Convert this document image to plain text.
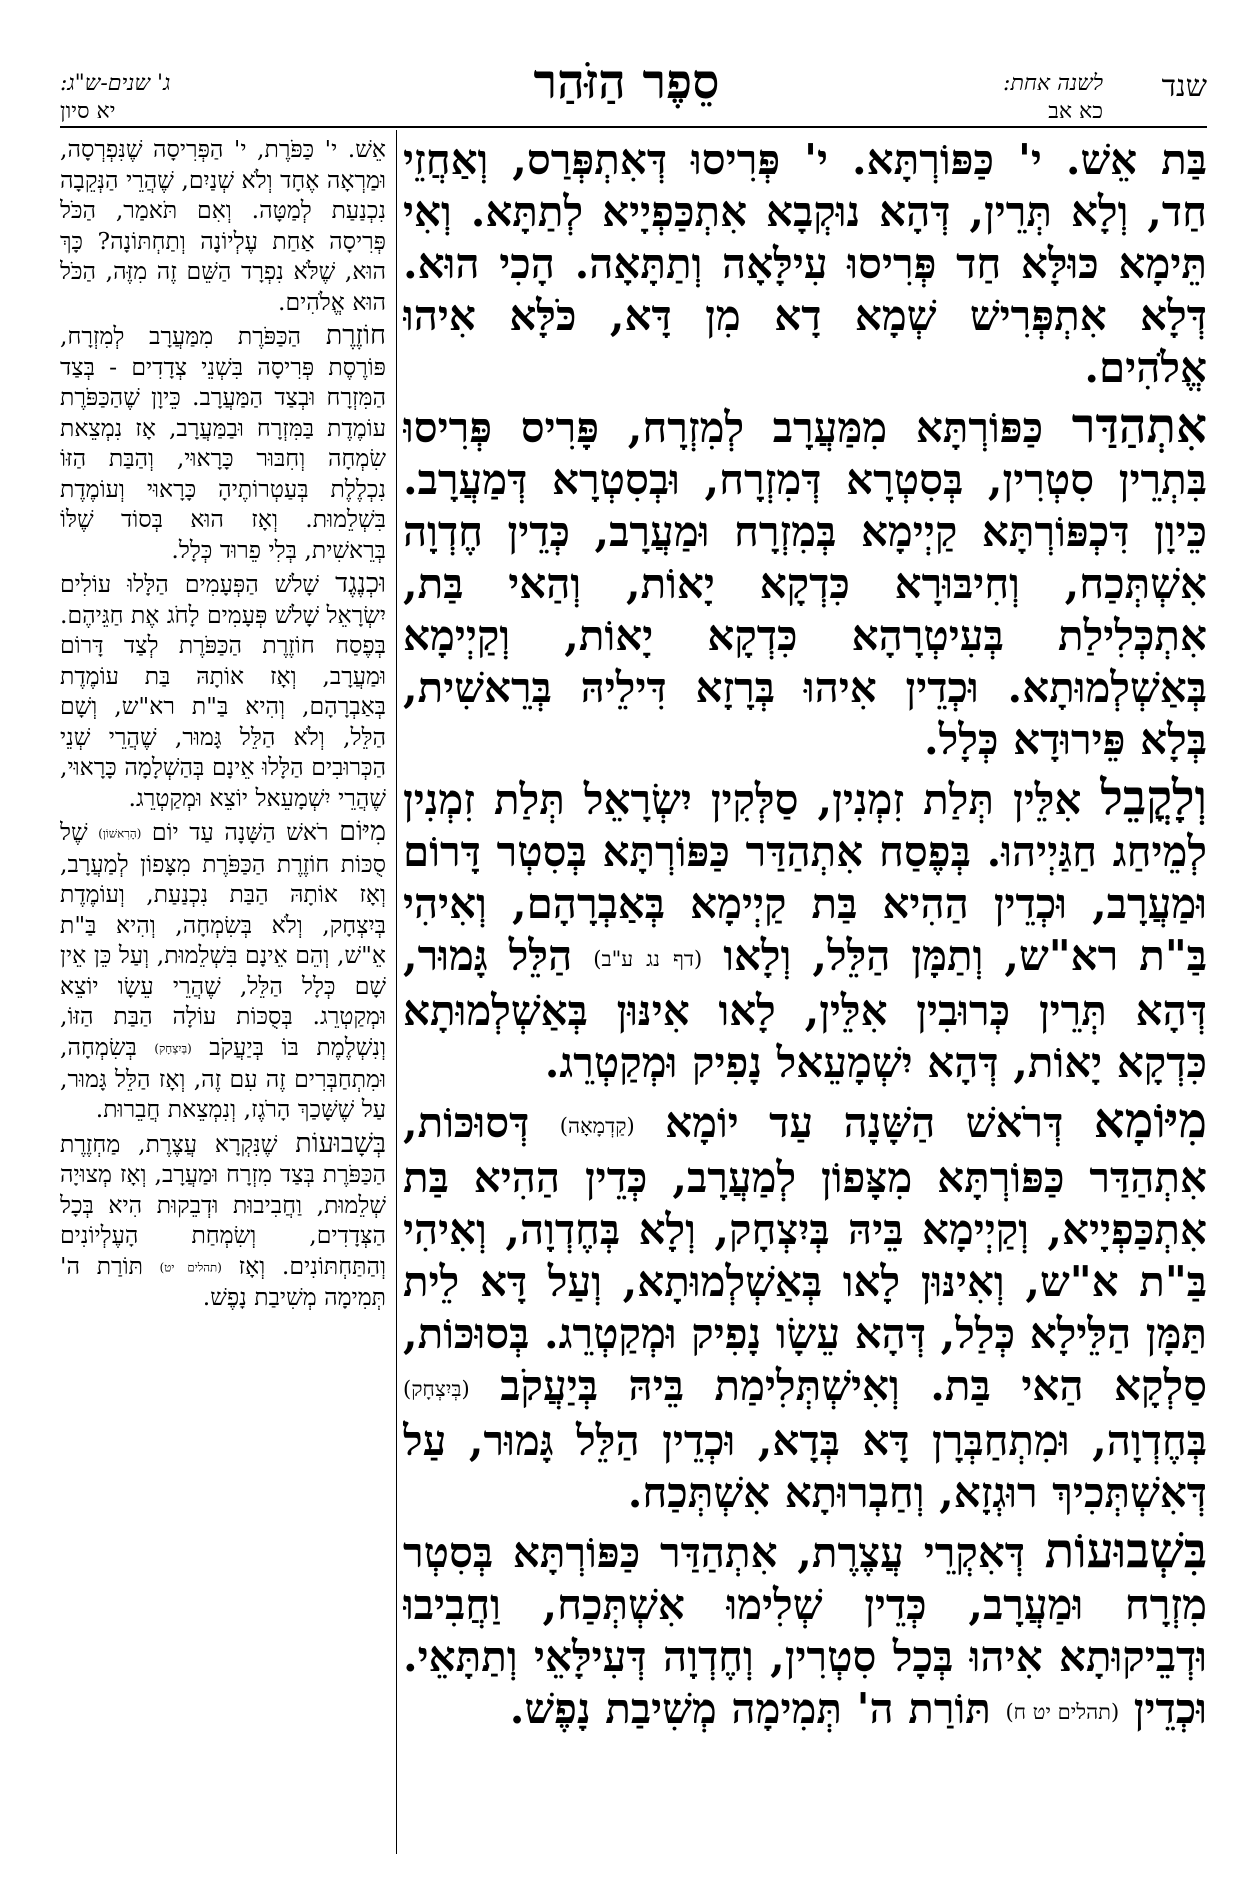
שנד
לשנה אחת:
כא אב
סֵפֶר הַזֹּהַר
ג' שנים-ש"ג:
יא סיון

בַּת אֵשׁ. י' כַּפּוֹרְתָּא. י' פְּרִיסוּ דְּאִתְפְּרַס, וְאַחֲזֵי חַד, וְלָא תְּרֵין, דְּהָא נוּקְבָא אִתְכַּפְיָיא לְתַתָּא. וְאִי תֵּימָא כּוּלָּא חַד פְּרִיסוּ עִילָּאָה וְתַתָּאָה. הָכִי הוּא. דְּלָא אִתְפְּרִישׁ שְׁמָא דָא מִן דָּא, כֹּלָּא אִיהוּ אֱלֹהִים.

אִתְהַדַּר כַּפּוֹרְתָּא מִמַּעֲרָב לְמִזְרָח, פָּרִיס פְּרִיסוּ בִּתְרֵין סִטְרִין, בְּסִטְרָא דְּמִזְרָח, וּבְסִטְרָא דְּמַעֲרָב. כֵּיוָן דִּכְפּוֹרְתָּא קַיְימָא בְּמִזְרָח וּמַעֲרָב, כְּדֵין חֶדְוָה אִשְׁתְּכַח, וְחִיבּוּרָא כִּדְקָא יָאוֹת, וְהַאי בַּת, אִתְכְּלִילַת בְּעִיטְרָהָא כִּדְקָא יָאוֹת, וְקַיְימָא בְּאַשְׁלְמוּתָא. וּכְדֵין אִיהוּ בְּרָזָא דִּילֵיהּ בְּרֵאשִׁית, בְּלָא פֵּירוּדָא כְּלָל.

וְלָקֳבֵל אִלֵּין תְּלַת זִמְנִין, סַלְּקִין יִשְׂרָאֵל תְּלַת זִמְנִין לְמֵיחַג חַגַּיְיהוּ. בְּפֶסַח אִתְהַדַּר כַּפּוֹרְתָּא בְּסִטְר דָּרוֹם וּמַעֲרָב, וּכְדֵין הַהִיא בַּת קַיְימָא בְּאַבְרָהָם, וְאִיהִי בַּ"ת רא"ש, וְתַמָּן הַלֵּל, וְלָאו (דף נג ע"ב) הַלֵּל גָּמוּר, דְּהָא תְּרֵין כְּרוּבִין אִלֵּין, לָאו אִינּוּן בְּאַשְׁלְמוּתָא כִּדְקָא יָאוֹת, דְּהָא יִשְׁמָעֵאל נָפִיק וּמְקַטְרֵג.

מִיּוֹמָא דְּרֹאשׁ הַשָּׁנָה עַד יוֹמָא (קַדְמָאָה) דְּסוּכּוֹת, אִתְהַדַּר כַּפּוֹרְתָּא מִצָּפוֹן לְמַעֲרָב, כְּדֵין הַהִיא בַּת אִתְכַּפְיָיא, וְקַיְימָא בֵּיהּ בְּיִצְחָק, וְלָא בְּחֶדְוָה, וְאִיהִי בַּ"ת א"ש, וְאִינּוּן לָאו בְּאַשְׁלְמוּתָא, וְעַל דָּא לֵית תַּמָּן הַלֵּילָא כְּלַל, דְּהָא עֵשָׂו נָפִיק וּמְקַטְרֵג. בְּסוּכּוֹת, סַלְקָא הַאי בַּת. וְאִישְׁתְּלִימַת בֵּיהּ בְּיַעֲקֹב (בְּיִצְחָק) בְּחֶדְוָה, וּמִתְחַבְּרָן דָּא בְּדָא, וּכְדֵין הַלֵּל גָּמוּר, עַל דְּאִשְׁתְּכִיךְ רוּגְזָא, וְחַבְרוּתָא אִשְׁתְּכַח.

בִּשְׁבוּעוֹת דְּאִקְרֵי עֲצֶרֶת, אִתְהַדַּר כַּפּוֹרְתָּא בְּסִטְר מִזְרָח וּמַעֲרָב, כְּדֵין שְׁלִימוּ אִשְׁתְּכַח, וַחֲבִיבוּ וּדְבֵיקוּתָא אִיהוּ בְּכָל סִטְרִין, וְחֶדְוָה דְּעִילָּאֵי וְתַתָּאֵי. וּכְדֵין (תהלים יט ח) תּוֹרַת ה' תְּמִימָה מְשִׁיבַת נָפֶשׁ.

אֵשׁ. י' כַּפֹּרֶת, י' הַפְּרִיסָה שֶׁנִּפְרְסָה, וּמַרְאָה אֶחָד וְלֹא שְׁנַיִם, שֶׁהֲרֵי הַנְּקֵבָה נִכְנַעַת לְמַטָּה. וְאִם תֹּאמַר, הַכֹּל פְּרִיסָה אַחַת עֶלְיוֹנָה וְתַחְתּוֹנָה? כָּךְ הוּא, שֶׁלֹּא נִפְרָד הַשֵּׁם זֶה מִזֶּה, הַכֹּל הוּא אֱלֹהִים.

חוֹזֶרֶת הַכַּפֹּרֶת מִמַּעֲרָב לְמִזְרָח, פּוֹרֶסֶת פְּרִיסָה בִּשְׁנֵי צְדָדִים - בְּצַד הַמִּזְרָח וּבְצַד הַמַּעֲרָב. כֵּיוָן שֶׁהַכַּפֹּרֶת עוֹמֶדֶת בַּמִּזְרָח וּבַמַּעֲרָב, אָז נִמְצֵאת שִׂמְחָה וְחִבּוּר כָּרָאוּי, וְהַבַּת הַזּוֹ נִכְלֶלֶת בְּעַטְרוֹתֶיהָ כָּרָאוּי וְעוֹמֶדֶת בִּשְׁלֵמוּת. וְאָז הוּא בְּסוֹד שֶׁלּוֹ בְּרֵאשִׁית, בְּלִי פֵרוּד כְּלָל.

וּכְנֶגֶד שָׁלֹשׁ הַפְּעָמִים הַלָּלוּ עוֹלִים יִשְׂרָאֵל שָׁלֹשׁ פְּעָמִים לָחֹג אֶת חַגֵּיהֶם. בְּפֶסַח חוֹזֶרֶת הַכַּפֹּרֶת לְצַד דָּרוֹם וּמַעֲרָב, וְאָז אוֹתָהּ בַּת עוֹמֶדֶת בְּאַבְרָהָם, וְהִיא בַּ"ת רא"ש, וְשָׁם הַלֵּל, וְלֹא הַלֵּל גָּמוּר, שֶׁהֲרֵי שְׁנֵי הַכְּרוּבִים הַלָּלוּ אֵינָם בְּהַשְׁלָמָה כָּרָאוּי, שֶׁהֲרֵי יִשְׁמָעֵאל יוֹצֵא וּמְקַטְרֵג.

מִיּוֹם רֹאשׁ הַשָּׁנָה עַד יוֹם (הָרִאשׁוֹן) שֶׁל סֻכּוֹת חוֹזֶרֶת הַכַּפֹּרֶת מִצָּפוֹן לְמַעֲרָב, וְאָז אוֹתָהּ הַבַּת נִכְנַעַת, וְעוֹמֶדֶת בְּיִצְחָק, וְלֹא בְּשִׂמְחָה, וְהִיא בַּ"ת אֵ"שׁ, וְהֵם אֵינָם בִּשְׁלֵמוּת, וְעַל כֵּן אֵין שָׁם כְּלָל הַלֵּל, שֶׁהֲרֵי עֵשָׂו יוֹצֵא וּמְקַטְרֵג. בְּסֻכּוֹת עוֹלָה הַבַּת הַזּוֹ, וְנִשְׁלֶמֶת בּוֹ בְּיַעֲקֹב (בְּיִצְחָק) בְּשִׂמְחָה, וּמִתְחַבְּרִים זֶה עִם זֶה, וְאָז הַלֵּל גָּמוּר, עַל שֶׁשָּׁכַךְ הָרֹגֶז, וְנִמְצֵאת חֲבֵרוּת.

בְּשָׁבוּעוֹת שֶׁנִּקְרָא עֲצֶרֶת, מַחְזֶרֶת הַכַּפֹּרֶת בְּצַד מִזְרָח וּמַעֲרָב, וְאָז מְצוּיָה שְׁלֵמוּת, וַחֲבִיבוּת וּדְבֵקוּת הִיא בְּכָל הַצְּדָדִים, וְשִׂמְחַת הָעֶלְיוֹנִים וְהַתַּחְתּוֹנִים. וְאָז (תהלים יט) תּוֹרַת ה' תְּמִימָה מְשִׁיבַת נָפֶשׁ.
